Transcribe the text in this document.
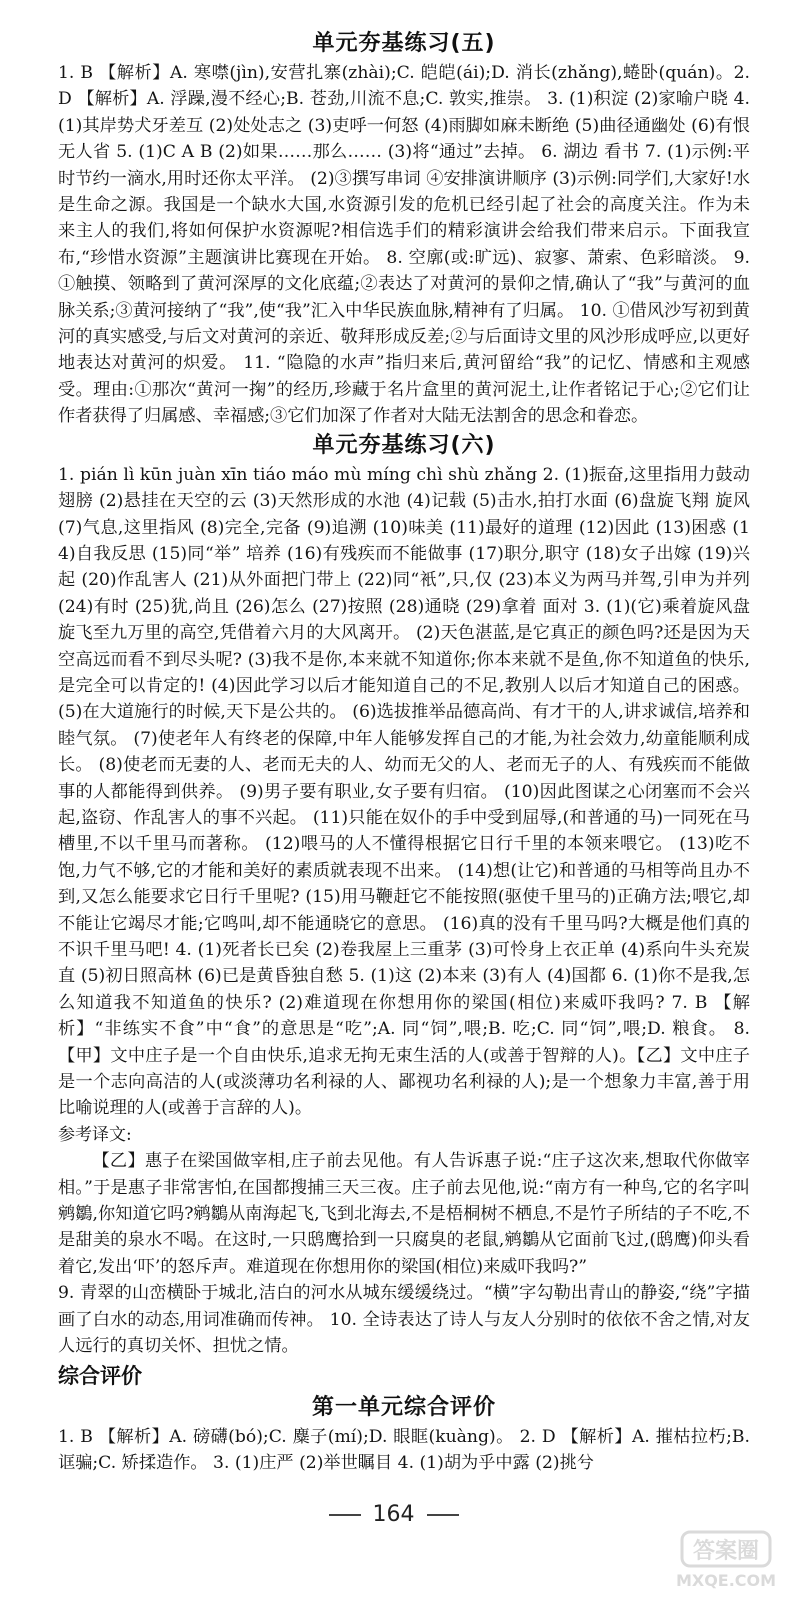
单元夯基练习(五)

1. B 【解析】A. 寒噤(jìn),安营扎寨(zhài);C. 皑皑(ái);D. 消长(zhǎng),蜷卧(quán)。2. D 【解析】A. 浮躁,漫不经心;B. 苍劲,川流不息;C. 敦实,推崇。 3. (1)积淀 (2)家喻户晓 4. (1)其岸势犬牙差互 (2)处处志之 (3)吏呼一何怒 (4)雨脚如麻未断绝 (5)曲径通幽处 (6)有恨无人省 5. (1)C A B (2)如果……那么…… (3)将“通过”去掉。 6. 湖边 看书 7. (1)示例:平时节约一滴水,用时还你太平洋。 (2)③撰写串词 ④安排演讲顺序 (3)示例:同学们,大家好!水是生命之源。我国是一个缺水大国,水资源引发的危机已经引起了社会的高度关注。作为未来主人的我们,将如何保护水资源呢?相信选手们的精彩演讲会给我们带来启示。下面我宣布,“珍惜水资源”主题演讲比赛现在开始。 8. 空廓(或:旷远)、寂寥、萧索、色彩暗淡。 9. ①触摸、领略到了黄河深厚的文化底蕴;②表达了对黄河的景仰之情,确认了“我”与黄河的血脉关系;③黄河接纳了“我”,使“我”汇入中华民族血脉,精神有了归属。 10. ①借风沙写初到黄河的真实感受,与后文对黄河的亲近、敬拜形成反差;②与后面诗文里的风沙形成呼应,以更好地表达对黄河的炽爱。 11. “隐隐的水声”指归来后,黄河留给“我”的记忆、情感和主观感受。理由:①那次“黄河一掬”的经历,珍藏于名片盒里的黄河泥土,让作者铭记于心;②它们让作者获得了归属感、幸福感;③它们加深了作者对大陆无法割舍的思念和眷恋。

单元夯基练习(六)

1. pián lì kūn juàn xīn tiáo máo mù míng chì shù zhǎng 2. (1)振奋,这里指用力鼓动翅膀 (2)悬挂在天空的云 (3)天然形成的水池 (4)记载 (5)击水,拍打水面 (6)盘旋飞翔 旋风 (7)气息,这里指风 (8)完全,完备 (9)追溯 (10)味美 (11)最好的道理 (12)因此 (13)困惑 (14)自我反思 (15)同“举” 培养 (16)有残疾而不能做事 (17)职分,职守 (18)女子出嫁 (19)兴起 (20)作乱害人 (21)从外面把门带上 (22)同“衹”,只,仅 (23)本义为两马并驾,引申为并列 (24)有时 (25)犹,尚且 (26)怎么 (27)按照 (28)通晓 (29)拿着 面对 3. (1)(它)乘着旋风盘旋飞至九万里的高空,凭借着六月的大风离开。 (2)天色湛蓝,是它真正的颜色吗?还是因为天空高远而看不到尽头呢? (3)我不是你,本来就不知道你;你本来就不是鱼,你不知道鱼的快乐,是完全可以肯定的! (4)因此学习以后才能知道自己的不足,教别人以后才知道自己的困惑。 (5)在大道施行的时候,天下是公共的。 (6)选拔推举品德高尚、有才干的人,讲求诚信,培养和睦气氛。 (7)使老年人有终老的保障,中年人能够发挥自己的才能,为社会效力,幼童能顺利成长。 (8)使老而无妻的人、老而无夫的人、幼而无父的人、老而无子的人、有残疾而不能做事的人都能得到供养。 (9)男子要有职业,女子要有归宿。 (10)因此图谋之心闭塞而不会兴起,盗窃、作乱害人的事不兴起。 (11)只能在奴仆的手中受到屈辱,(和普通的马)一同死在马槽里,不以千里马而著称。 (12)喂马的人不懂得根据它日行千里的本领来喂它。 (13)吃不饱,力气不够,它的才能和美好的素质就表现不出来。 (14)想(让它)和普通的马相等尚且办不到,又怎么能要求它日行千里呢? (15)用马鞭赶它不能按照(驱使千里马的)正确方法;喂它,却不能让它竭尽才能;它鸣叫,却不能通晓它的意思。 (16)真的没有千里马吗?大概是他们真的不识千里马吧! 4. (1)死者长已矣 (2)卷我屋上三重茅 (3)可怜身上衣正单 (4)系向牛头充炭直 (5)初日照高林 (6)已是黄昏独自愁 5. (1)这 (2)本来 (3)有人 (4)国都 6. (1)你不是我,怎么知道我不知道鱼的快乐? (2)难道现在你想用你的梁国(相位)来威吓我吗? 7. B 【解析】“非练实不食”中“食”的意思是“吃”;A. 同“饲”,喂;B. 吃;C. 同“饲”,喂;D. 粮食。 8. 【甲】文中庄子是一个自由快乐,追求无拘无束生活的人(或善于智辩的人)。【乙】文中庄子是一个志向高洁的人(或淡薄功名利禄的人、鄙视功名利禄的人);是一个想象力丰富,善于用比喻说理的人(或善于言辞的人)。

参考译文:

【乙】惠子在梁国做宰相,庄子前去见他。有人告诉惠子说:“庄子这次来,想取代你做宰相。”于是惠子非常害怕,在国都搜捕三天三夜。庄子前去见他,说:“南方有一种鸟,它的名字叫鹓鶵,你知道它吗?鹓鶵从南海起飞,飞到北海去,不是梧桐树不栖息,不是竹子所结的子不吃,不是甜美的泉水不喝。在这时,一只鸱鹰拾到一只腐臭的老鼠,鹓鶵从它面前飞过,(鸱鹰)仰头看着它,发出‘吓’的怒斥声。难道现在你想用你的梁国(相位)来威吓我吗?”

9. 青翠的山峦横卧于城北,洁白的河水从城东缓缓绕过。“横”字勾勒出青山的静姿,“绕”字描画了白水的动态,用词准确而传神。 10. 全诗表达了诗人与友人分别时的依依不舍之情,对友人远行的真切关怀、担忧之情。

综合评价
第一单元综合评价

1. B 【解析】A. 磅礴(bó);C. 麋子(mí);D. 眼眶(kuàng)。 2. D 【解析】A. 摧枯拉朽;B. 诓骗;C. 矫揉造作。 3. (1)庄严 (2)举世瞩目 4. (1)胡为乎中露 (2)挑兮

164
答案圈
MXQE.COM
